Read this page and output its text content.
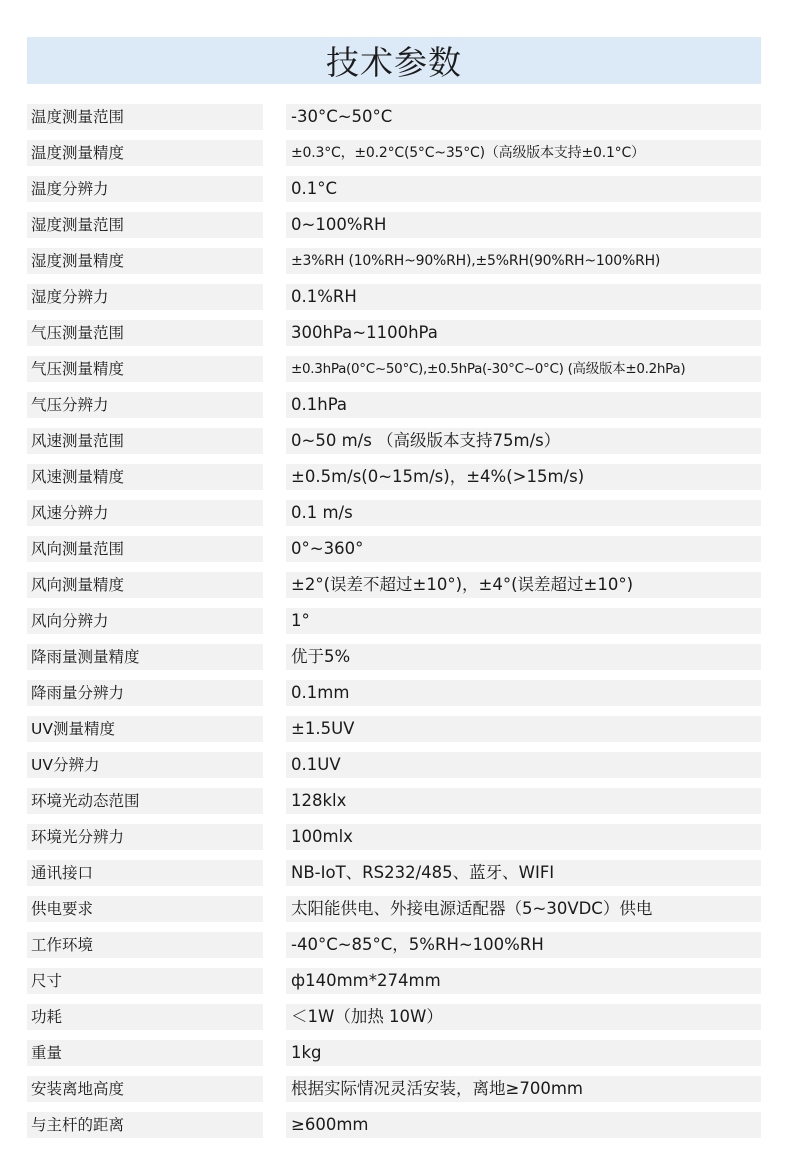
技术参数
温度测量范围	-30°C~50°C
温度测量精度	±0.3°C，±0.2°C(5°C~35°C)（高级版本支持±0.1°C）
温度分辨力	0.1°C
湿度测量范围	0~100%RH
湿度测量精度	±3%RH (10%RH~90%RH),±5%RH(90%RH~100%RH)
湿度分辨力	0.1%RH
气压测量范围	300hPa~1100hPa
气压测量精度	±0.3hPa(0°C~50°C),±0.5hPa(-30°C~0°C) (高级版本±0.2hPa)
气压分辨力	0.1hPa
风速测量范围	0~50 m/s （高级版本支持75m/s）
风速测量精度	±0.5m/s(0~15m/s)，±4%(>15m/s)
风速分辨力	0.1 m/s
风向测量范围	0°~360°
风向测量精度	±2°(误差不超过±10°)，±4°(误差超过±10°)
风向分辨力	1°
降雨量测量精度	优于5%
降雨量分辨力	0.1mm
UV测量精度	±1.5UV
UV分辨力	0.1UV
环境光动态范围	128klx
环境光分辨力	100mlx
通讯接口	NB-IoT、RS232/485、蓝牙、WIFI
供电要求	太阳能供电、外接电源适配器（5~30VDC）供电
工作环境	-40°C~85°C，5%RH~100%RH
尺寸	ф140mm*274mm
功耗	＜1W（加热 10W）
重量	1kg
安装离地高度	根据实际情况灵活安装，离地≥700mm
与主杆的距离	≥600mm
